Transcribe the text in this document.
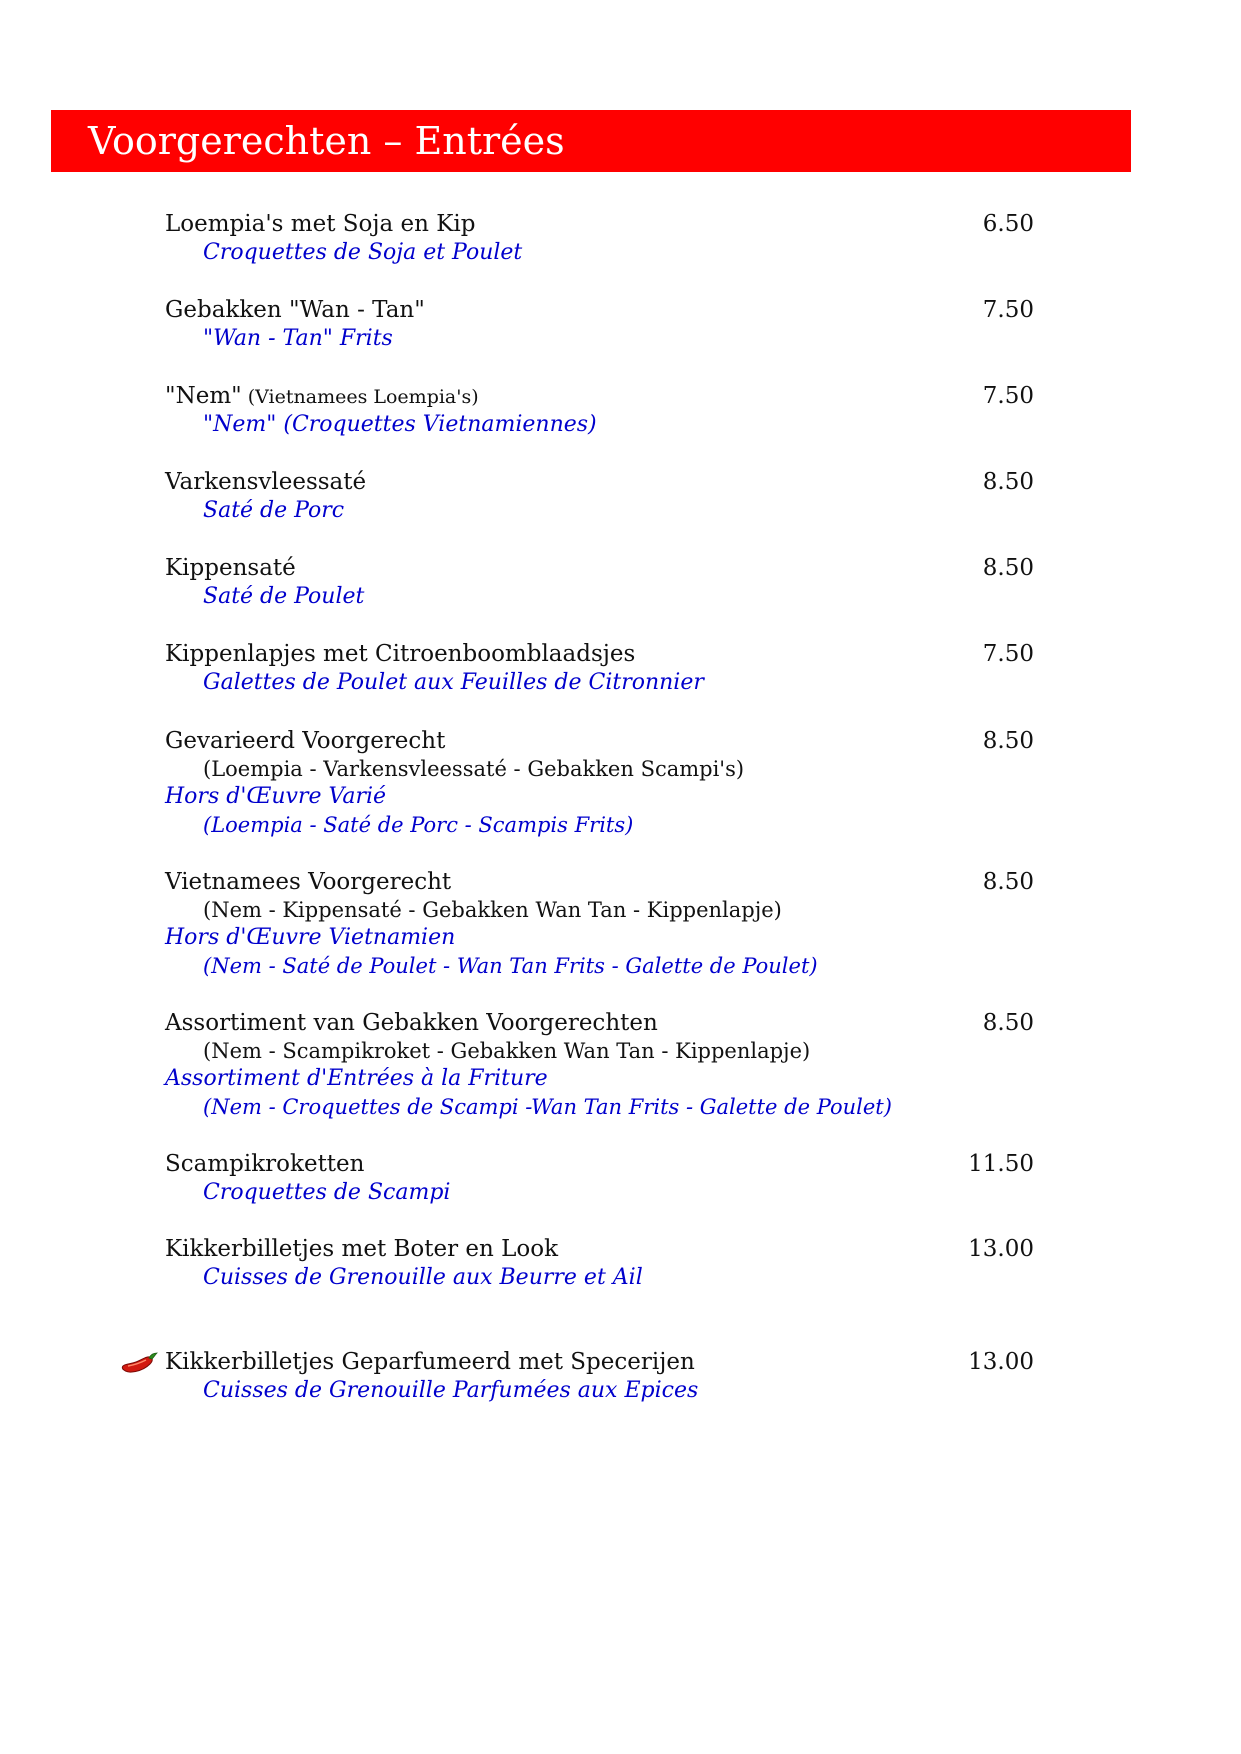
Voorgerechten – Entrées
Loempia's met Soja en Kip	6.50
Croquettes de Soja et Poulet
Gebakken "Wan - Tan"	7.50
"Wan - Tan" Frits
"Nem" (Vietnamees Loempia's)	7.50
"Nem" (Croquettes Vietnamiennes)
Varkensvleessaté	8.50
Saté de Porc
Kippensaté	8.50
Saté de Poulet
Kippenlapjes met Citroenboomblaadsjes	7.50
Galettes de Poulet aux Feuilles de Citronnier
Gevarieerd Voorgerecht	8.50
(Loempia - Varkensvleessaté - Gebakken Scampi's)
Hors d'Œuvre Varié
(Loempia - Saté de Porc - Scampis Frits)
Vietnamees Voorgerecht	8.50
(Nem - Kippensaté - Gebakken Wan Tan - Kippenlapje)
Hors d'Œuvre Vietnamien
(Nem - Saté de Poulet - Wan Tan Frits - Galette de Poulet)
Assortiment van Gebakken Voorgerechten	8.50
(Nem - Scampikroket - Gebakken Wan Tan - Kippenlapje)
Assortiment d'Entrées à la Friture
(Nem - Croquettes de Scampi -Wan Tan Frits - Galette de Poulet)
Scampikroketten	11.50
Croquettes de Scampi
Kikkerbilletjes met Boter en Look	13.00
Cuisses de Grenouille aux Beurre et Ail
Kikkerbilletjes Geparfumeerd met Specerijen	13.00
Cuisses de Grenouille Parfumées aux Epices
